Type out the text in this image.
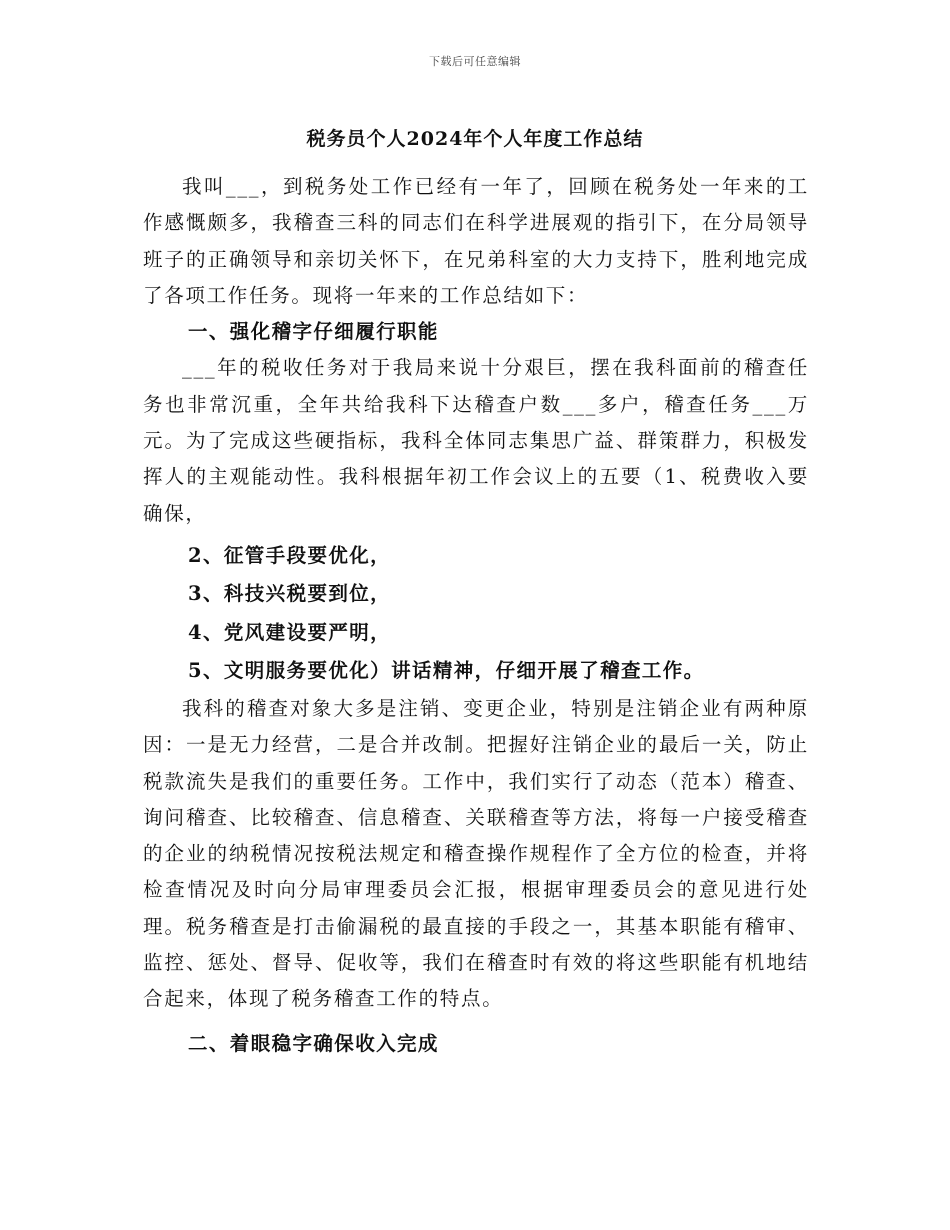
下载后可任意编辑
税务员个人2024年个人年度工作总结

我叫___，到税务处工作已经有一年了，回顾在税务处一年来的工作感慨颇多，我稽查三科的同志们在科学进展观的指引下，在分局领导班子的正确领导和亲切关怀下，在兄弟科室的大力支持下，胜利地完成了各项工作任务。现将一年来的工作总结如下：

一、强化稽字仔细履行职能

___年的税收任务对于我局来说十分艰巨，摆在我科面前的稽查任务也非常沉重，全年共给我科下达稽查户数___多户，稽查任务___万元。为了完成这些硬指标，我科全体同志集思广益、群策群力，积极发挥人的主观能动性。我科根据年初工作会议上的五要（1、税费收入要确保，

2、征管手段要优化，

3、科技兴税要到位，

4、党风建设要严明，

5、文明服务要优化）讲话精神，仔细开展了稽查工作。

我科的稽查对象大多是注销、变更企业，特别是注销企业有两种原因：一是无力经营，二是合并改制。把握好注销企业的最后一关，防止税款流失是我们的重要任务。工作中，我们实行了动态（范本）稽查、询问稽查、比较稽查、信息稽查、关联稽查等方法，将每一户接受稽查的企业的纳税情况按税法规定和稽查操作规程作了全方位的检查，并将检查情况及时向分局审理委员会汇报，根据审理委员会的意见进行处理。税务稽查是打击偷漏税的最直接的手段之一，其基本职能有稽审、监控、惩处、督导、促收等，我们在稽查时有效的将这些职能有机地结合起来，体现了税务稽查工作的特点。

二、着眼稳字确保收入完成
